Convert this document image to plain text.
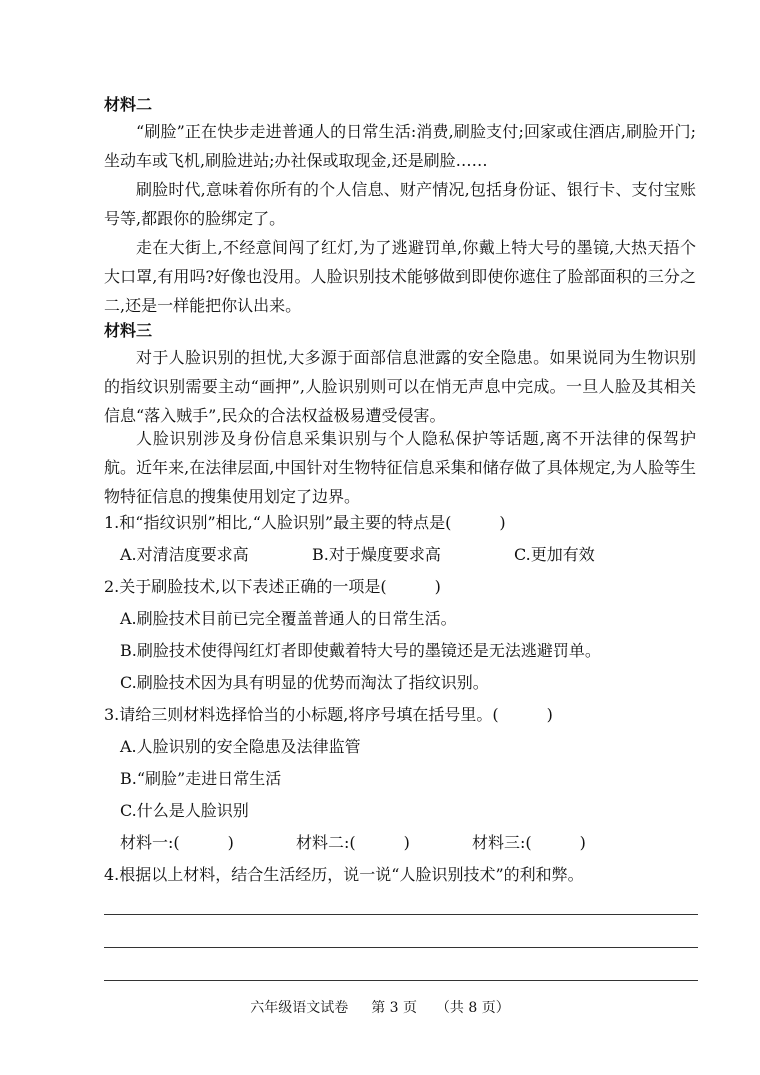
材料二
“刷脸”正在快步走进普通人的日常生活:消费,刷脸支付;回家或住酒店,刷脸开门;坐动车或飞机,刷脸进站;办社保或取现金,还是刷脸……
刷脸时代,意味着你所有的个人信息、财产情况,包括身份证、银行卡、支付宝账号等,都跟你的脸绑定了。
走在大街上,不经意间闯了红灯,为了逃避罚单,你戴上特大号的墨镜,大热天捂个大口罩,有用吗?好像也没用。人脸识别技术能够做到即使你遮住了脸部面积的三分之二,还是一样能把你认出来。
材料三
对于人脸识别的担忧,大多源于面部信息泄露的安全隐患。如果说同为生物识别的指纹识别需要主动“画押”,人脸识别则可以在悄无声息中完成。一旦人脸及其相关信息“落入贼手”,民众的合法权益极易遭受侵害。
人脸识别涉及身份信息采集识别与个人隐私保护等话题,离不开法律的保驾护航。近年来,在法律层面,中国针对生物特征信息采集和储存做了具体规定,为人脸等生物特征信息的搜集使用划定了边界。
1.和“指纹识别”相比,“人脸识别”最主要的特点是(　　　)
A.对清洁度要求高	B.对于燥度要求高	C.更加有效
2.关于刷脸技术,以下表述正确的一项是(　　　)
A.刷脸技术目前已完全覆盖普通人的日常生活。
B.刷脸技术使得闯红灯者即使戴着特大号的墨镜还是无法逃避罚单。
C.刷脸技术因为具有明显的优势而淘汰了指纹识别。
3.请给三则材料选择恰当的小标题,将序号填在括号里。(　　　)
A.人脸识别的安全隐患及法律监管
B.“刷脸”走进日常生活
C.什么是人脸识别
材料一:(　　　)	材料二:(　　　)	材料三:(　　　)
4.根据以上材料，结合生活经历，说一说“人脸识别技术”的利和弊。
六年级语文试卷 第 3 页 （共 8 页）
